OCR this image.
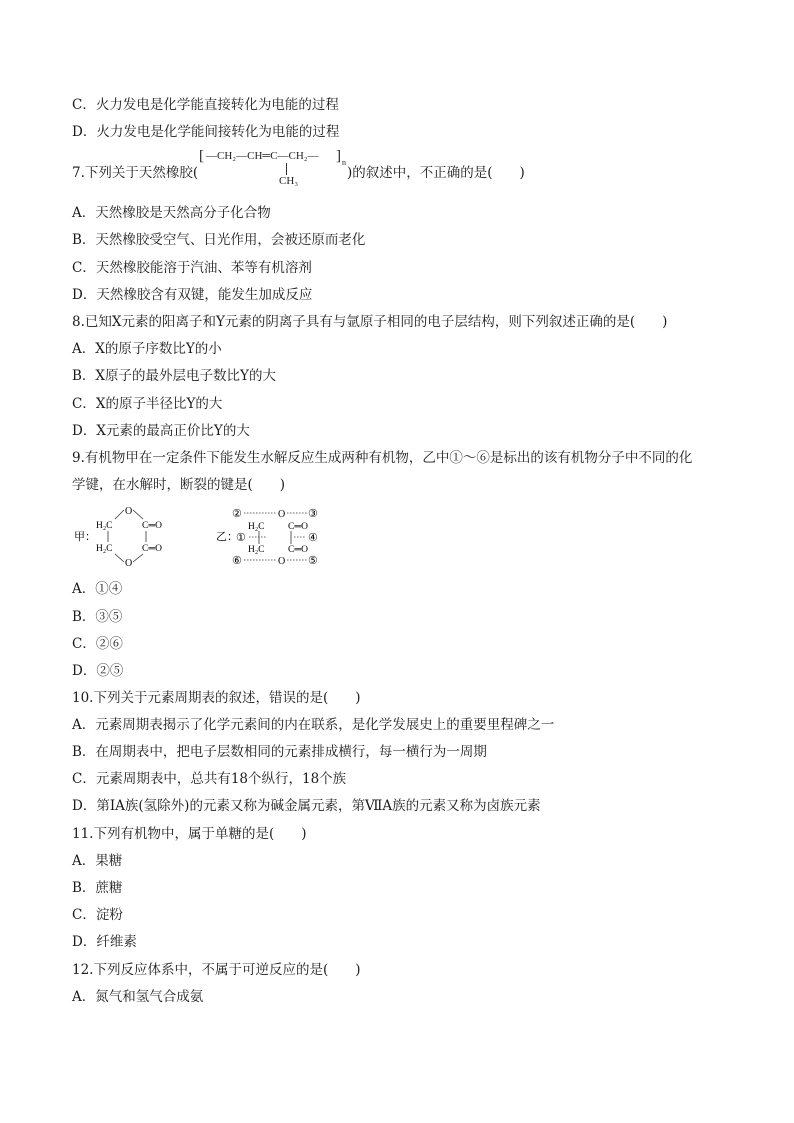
C．火力发电是化学能直接转化为电能的过程
D．火力发电是化学能间接转化为电能的过程
7.下列关于天然橡胶(
[ —CH₂—CH═C—CH₂— ] n
CH₃	)的叙述中，不正确的是(　　)
A．天然橡胶是天然高分子化合物
B．天然橡胶受空气、日光作用，会被还原而老化
C．天然橡胶能溶于汽油、苯等有机溶剂
D．天然橡胶含有双键，能发生加成反应
8.已知X元素的阳离子和Y元素的阴离子具有与氩原子相同的电子层结构，则下列叙述正确的是(　　)
A．X的原子序数比Y的小
B．X原子的最外层电子数比Y的大
C．X的原子半径比Y的大
D．X元素的最高正价比Y的大
9.有机物甲在一定条件下能发生水解反应生成两种有机物，乙中①～⑥是标出的该有机物分子中不同的化
学键，在水解时，断裂的键是(　　)
甲：
O
H₂C	C═O
H₂C	C═O
O
乙：
②	O ③
H₂C C═O
①	④
H₂C C═O
⑥	O ⑤
A．①④
B．③⑤
C．②⑥
D．②⑤
10.下列关于元素周期表的叙述，错误的是(　　)
A．元素周期表揭示了化学元素间的内在联系，是化学发展史上的重要里程碑之一
B．在周期表中，把电子层数相同的元素排成横行，每一横行为一周期
C．元素周期表中，总共有18个纵行，18个族
D．第ⅠA族(氢除外)的元素又称为碱金属元素，第ⅦA族的元素又称为卤族元素
11.下列有机物中，属于单糖的是(　　)
A．果糖
B．蔗糖
C．淀粉
D．纤维素
12.下列反应体系中，不属于可逆反应的是(　　)
A．氮气和氢气合成氨
